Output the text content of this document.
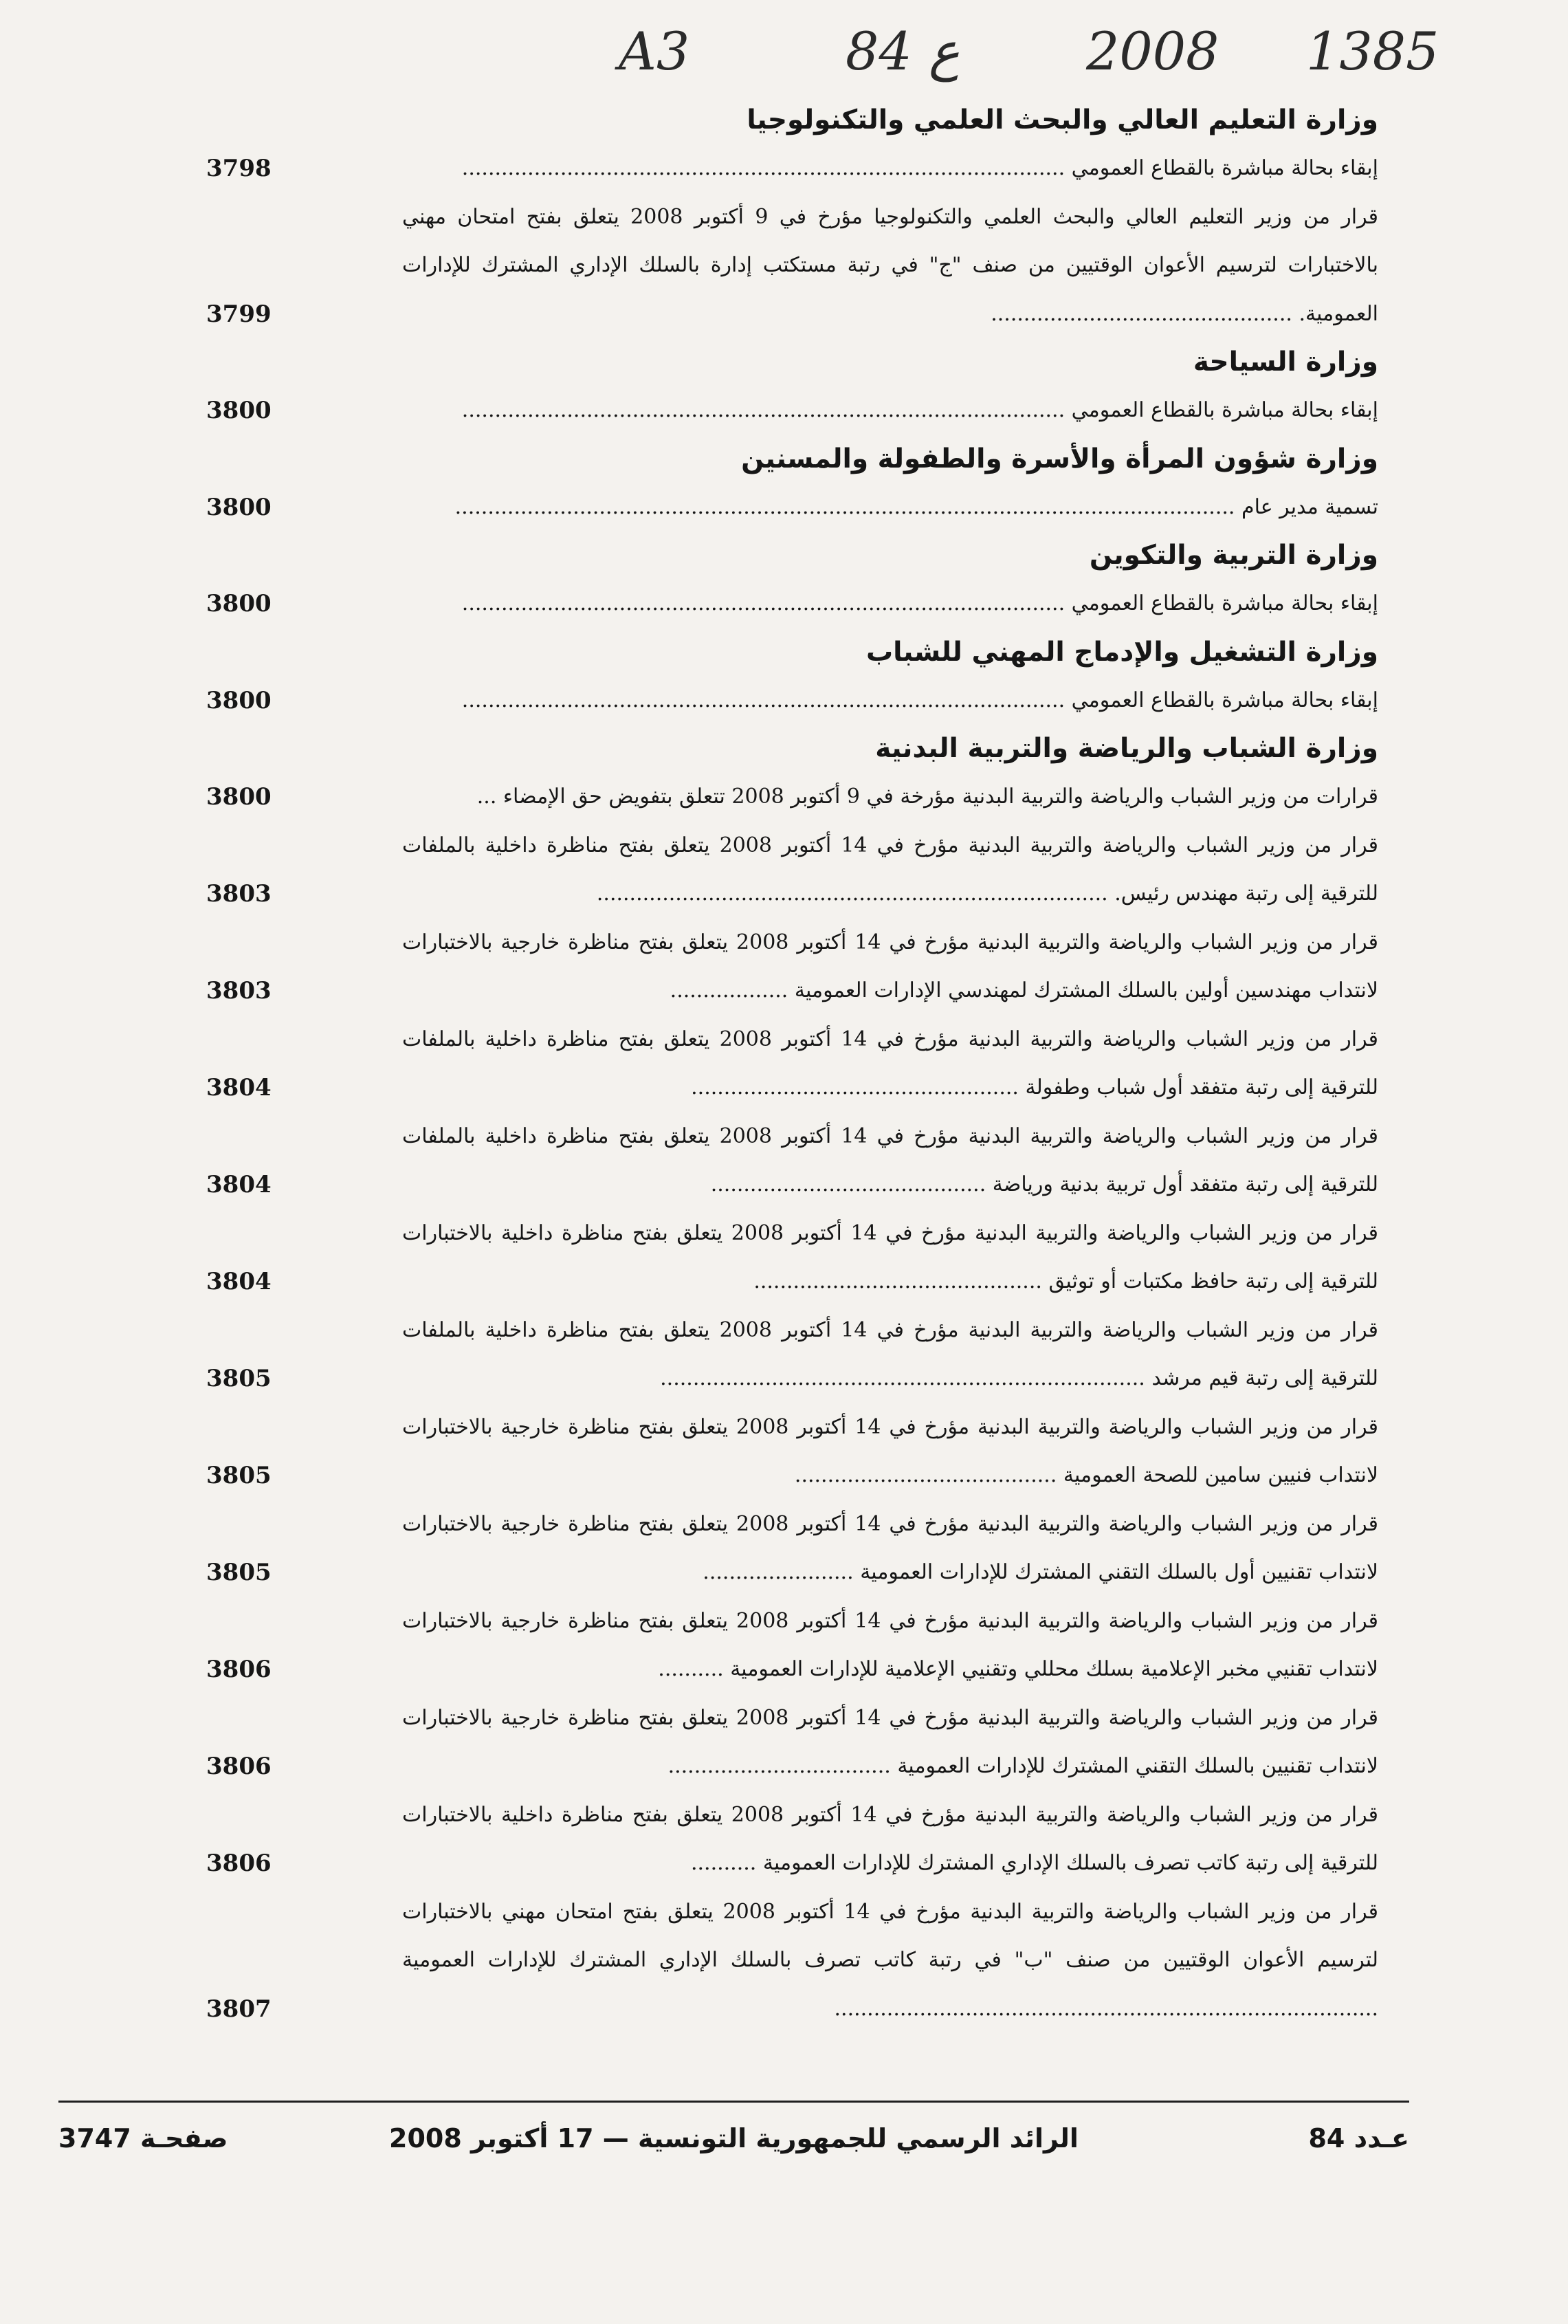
A3	84 ع 2008 1385
وزارة التعليم العالي والبحث العلمي والتكنولوجيا
إبقاء بحالة مباشرة بالقطاع العمومي ............................................................................................
3798
قرار من وزير التعليم العالي والبحث العلمي والتكنولوجيا مؤرخ في 9 أكتوبر 2008 يتعلق بفتح امتحان مهني بالاختبارات لترسيم الأعوان الوقتيين من صنف "ج" في رتبة مستكتب إدارة بالسلك الإداري المشترك للإدارات العمومية. ..............................................
3799
وزارة السياحة
إبقاء بحالة مباشرة بالقطاع العمومي ............................................................................................
3800
وزارة شؤون المرأة والأسرة والطفولة والمسنين
تسمية مدير عام .......................................................................................................................
3800
وزارة التربية والتكوين
إبقاء بحالة مباشرة بالقطاع العمومي ............................................................................................
3800
وزارة التشغيل والإدماج المهني للشباب
إبقاء بحالة مباشرة بالقطاع العمومي ............................................................................................
3800
وزارة الشباب والرياضة والتربية البدنية
قرارات من وزير الشباب والرياضة والتربية البدنية مؤرخة في 9 أكتوبر 2008 تتعلق بتفويض حق الإمضاء ...
3800
قرار من وزير الشباب والرياضة والتربية البدنية مؤرخ في 14 أكتوبر 2008 يتعلق بفتح مناظرة داخلية بالملفات للترقية إلى رتبة مهندس رئيس. ..............................................................................
3803
قرار من وزير الشباب والرياضة والتربية البدنية مؤرخ في 14 أكتوبر 2008 يتعلق بفتح مناظرة خارجية بالاختبارات لانتداب مهندسين أولين بالسلك المشترك لمهندسي الإدارات العمومية ..................
3803
قرار من وزير الشباب والرياضة والتربية البدنية مؤرخ في 14 أكتوبر 2008 يتعلق بفتح مناظرة داخلية بالملفات للترقية إلى رتبة متفقد أول شباب وطفولة ..................................................
3804
قرار من وزير الشباب والرياضة والتربية البدنية مؤرخ في 14 أكتوبر 2008 يتعلق بفتح مناظرة داخلية بالملفات للترقية إلى رتبة متفقد أول تربية بدنية ورياضة ..........................................
3804
قرار من وزير الشباب والرياضة والتربية البدنية مؤرخ في 14 أكتوبر 2008 يتعلق بفتح مناظرة داخلية بالاختبارات للترقية إلى رتبة حافظ مكتبات أو توثيق ............................................
3804
قرار من وزير الشباب والرياضة والتربية البدنية مؤرخ في 14 أكتوبر 2008 يتعلق بفتح مناظرة داخلية بالملفات للترقية إلى رتبة قيم مرشد ..........................................................................
3805
قرار من وزير الشباب والرياضة والتربية البدنية مؤرخ في 14 أكتوبر 2008 يتعلق بفتح مناظرة خارجية بالاختبارات لانتداب فنيين سامين للصحة العمومية ........................................
3805
قرار من وزير الشباب والرياضة والتربية البدنية مؤرخ في 14 أكتوبر 2008 يتعلق بفتح مناظرة خارجية بالاختبارات لانتداب تقنيين أول بالسلك التقني المشترك للإدارات العمومية .......................
3805
قرار من وزير الشباب والرياضة والتربية البدنية مؤرخ في 14 أكتوبر 2008 يتعلق بفتح مناظرة خارجية بالاختبارات لانتداب تقنيي مخبر الإعلامية بسلك محللي وتقنيي الإعلامية للإدارات العمومية ..........
3806
قرار من وزير الشباب والرياضة والتربية البدنية مؤرخ في 14 أكتوبر 2008 يتعلق بفتح مناظرة خارجية بالاختبارات لانتداب تقنيين بالسلك التقني المشترك للإدارات العمومية ..................................
3806
قرار من وزير الشباب والرياضة والتربية البدنية مؤرخ في 14 أكتوبر 2008 يتعلق بفتح مناظرة داخلية بالاختبارات للترقية إلى رتبة كاتب تصرف بالسلك الإداري المشترك للإدارات العمومية ..........
3806
قرار من وزير الشباب والرياضة والتربية البدنية مؤرخ في 14 أكتوبر 2008 يتعلق بفتح امتحان مهني بالاختبارات لترسيم الأعوان الوقتيين من صنف "ب" في رتبة كاتب تصرف بالسلك الإداري المشترك للإدارات العمومية ...................................................................................
3807
عـدد 84
الرائد الرسمي للجمهورية التونسية — 17 أكتوبر 2008
صفحـة 3747
